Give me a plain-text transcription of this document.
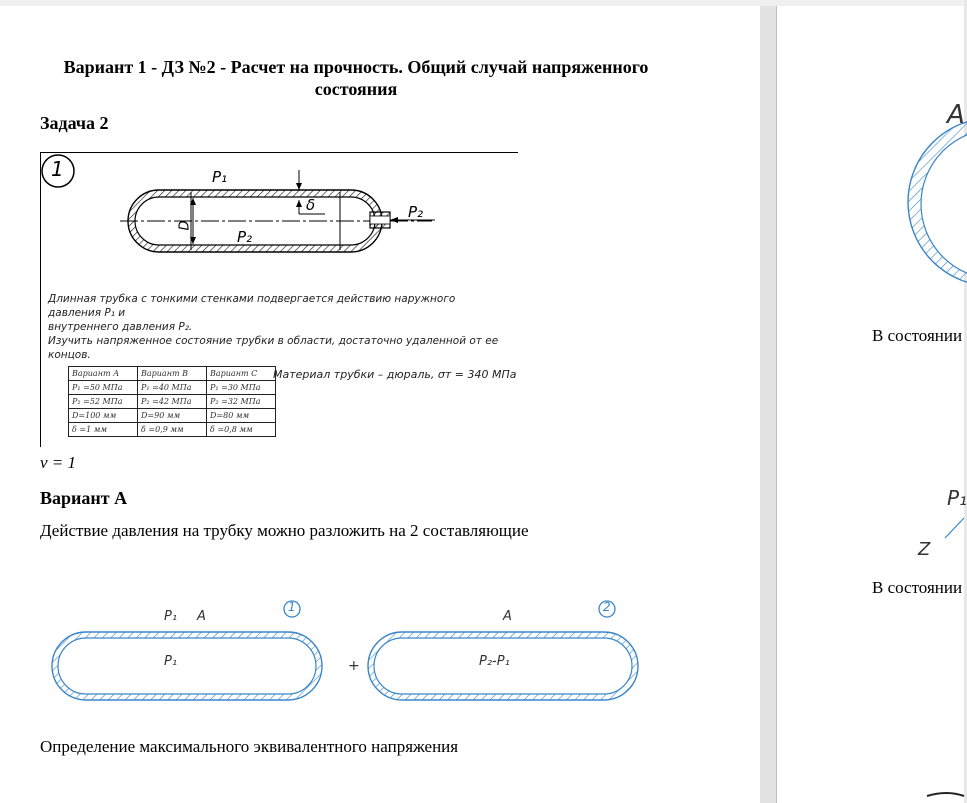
Вариант 1 - ДЗ №2 - Расчет на прочность. Общий случай напряженного состояния
Задача 2
1	P₁
P₂
δ
D
P₂
Длинная трубка с тонкими стенками подвергается действию наружного давления P₁ и
внутреннего давления P₂.
Изучить напряженное состояние трубки в области, достаточно удаленной от ее концов.
Вариант А	Вариант В	Вариант С
P₁ =50 МПа	P₁ =40 МПа	P₁ =30 МПа
P₂ =52 МПа	P₂ =42 МПа	P₂ =32 МПа
D=100 мм	D=90 мм	D=80 мм
δ =1 мм	δ =0,9 мм	δ =0,8 мм
Материал трубки – дюраль, σт = 340 МПа
ν = 1
Вариант А
Действие давления на трубку можно разложить на 2 составляющие
1	2
P₁ A
P₁	+
A
P₂-P₁
Определение максимального эквивалентного напряжения
A
В состоянии
P₁
Z
В состоянии
